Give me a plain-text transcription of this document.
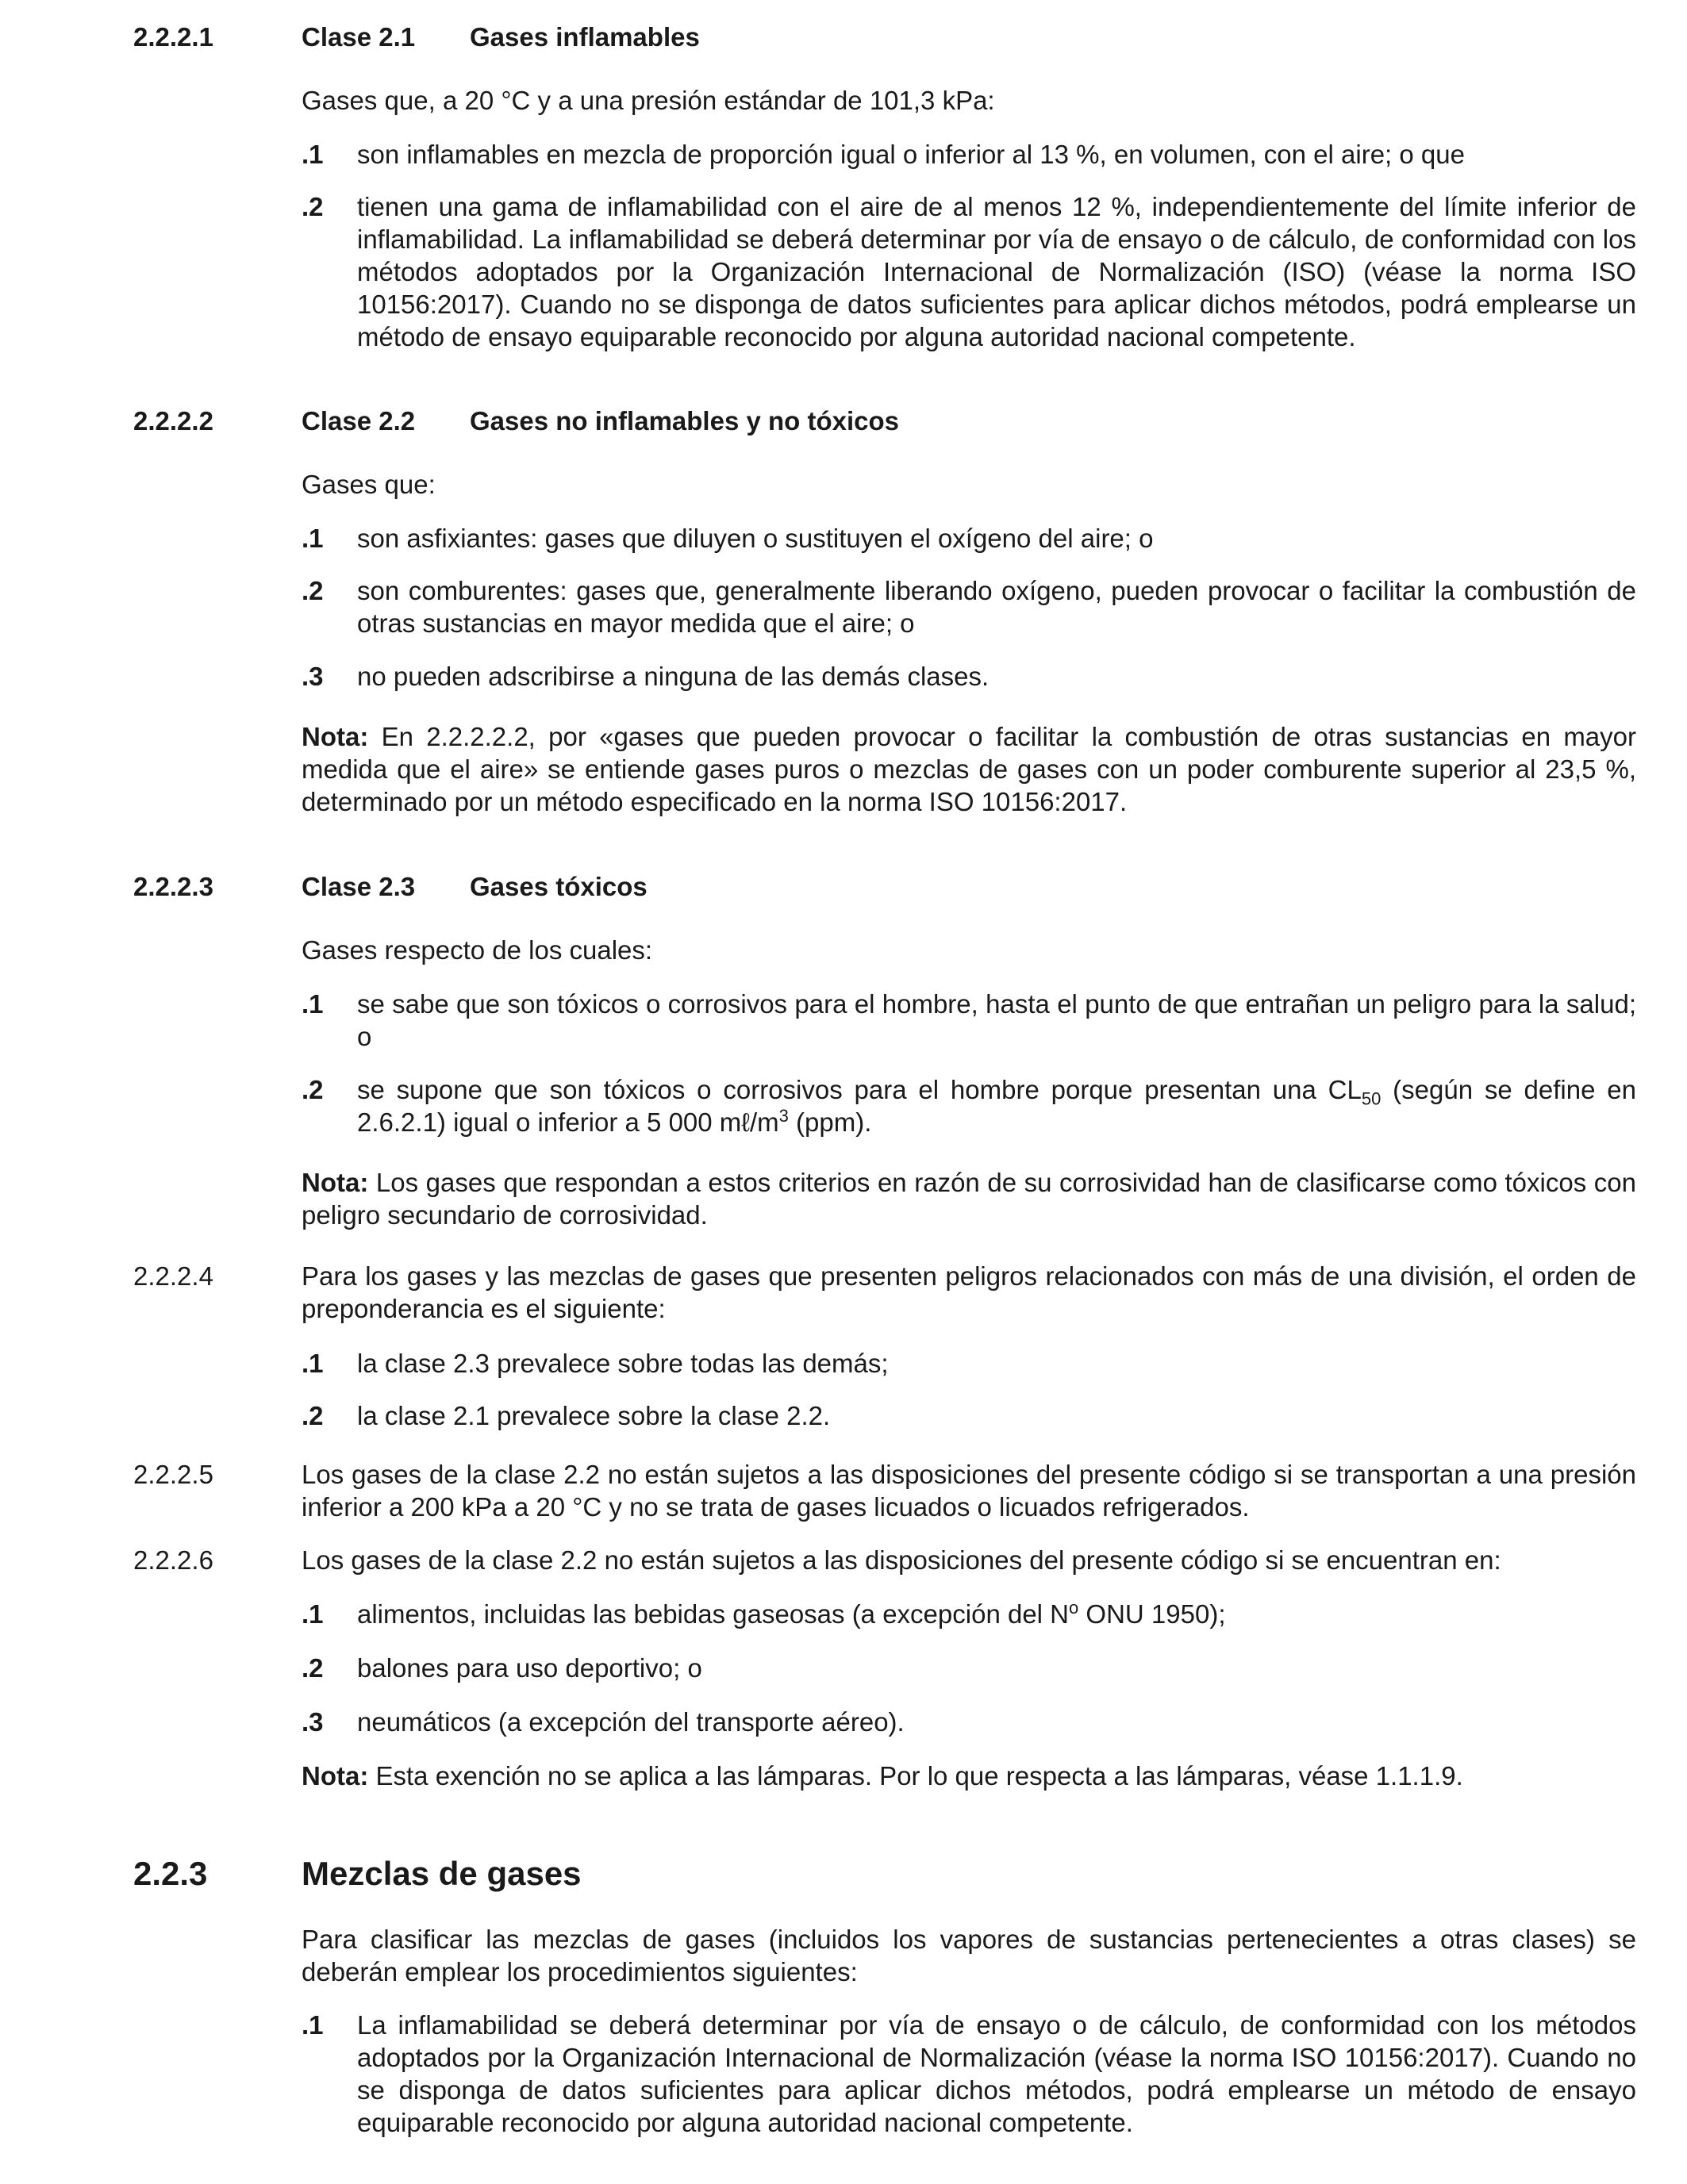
2.2.2.1	Clase 2.1 Gases inflamables
Gases que, a 20 °C y a una presión estándar de 101,3 kPa:
.1 son inflamables en mezcla de proporción igual o inferior al 13 %, en volumen, con el aire; o que
.2 tienen una gama de inflamabilidad con el aire de al menos 12 %, independientemente del límite inferior de inflamabilidad. La inflamabilidad se deberá determinar por vía de ensayo o de cálculo, de conformidad con los métodos adoptados por la Organización Internacional de Normalización (ISO) (véase la norma ISO 10156:2017). Cuando no se disponga de datos suficientes para aplicar dichos métodos, podrá emplearse un método de ensayo equiparable reconocido por alguna autoridad nacional competente.
2.2.2.2	Clase 2.2 Gases no inflamables y no tóxicos
Gases que:
.1 son asfixiantes: gases que diluyen o sustituyen el oxígeno del aire; o
.2 son comburentes: gases que, generalmente liberando oxígeno, pueden provocar o facilitar la combustión de otras sustancias en mayor medida que el aire; o
.3 no pueden adscribirse a ninguna de las demás clases.
Nota: En 2.2.2.2.2, por «gases que pueden provocar o facilitar la combustión de otras sustancias en mayor medida que el aire» se entiende gases puros o mezclas de gases con un poder comburente superior al 23,5 %, determinado por un método especificado en la norma ISO 10156:2017.
2.2.2.3	Clase 2.3 Gases tóxicos
Gases respecto de los cuales:
.1 se sabe que son tóxicos o corrosivos para el hombre, hasta el punto de que entrañan un peligro para la salud; o
.2 se supone que son tóxicos o corrosivos para el hombre porque presentan una $CL_{50}$ (según se define en 2.6.2.1) igual o inferior a 5 000 $m\ell/m^3$ (ppm).
Nota: Los gases que respondan a estos criterios en razón de su corrosividad han de clasificarse como tóxicos con peligro secundario de corrosividad.
2.2.2.4	Para los gases y las mezclas de gases que presenten peligros relacionados con más de una división, el orden de preponderancia es el siguiente:
.1 la clase 2.3 prevalece sobre todas las demás;
.2 la clase 2.1 prevalece sobre la clase 2.2.
2.2.2.5	Los gases de la clase 2.2 no están sujetos a las disposiciones del presente código si se transportan a una presión inferior a 200 kPa a 20 °C y no se trata de gases licuados o licuados refrigerados.
2.2.2.6	Los gases de la clase 2.2 no están sujetos a las disposiciones del presente código si se encuentran en:
.1 alimentos, incluidas las bebidas gaseosas (a excepción del $N^o$ ONU 1950);
.2 balones para uso deportivo; o
.3 neumáticos (a excepción del transporte aéreo).
Nota: Esta exención no se aplica a las lámparas. Por lo que respecta a las lámparas, véase 1.1.1.9.
2.2.3	Mezclas de gases
Para clasificar las mezclas de gases (incluidos los vapores de sustancias pertenecientes a otras clases) se deberán emplear los procedimientos siguientes:
.1 La inflamabilidad se deberá determinar por vía de ensayo o de cálculo, de conformidad con los métodos adoptados por la Organización Internacional de Normalización (véase la norma ISO 10156:2017). Cuando no se disponga de datos suficientes para aplicar dichos métodos, podrá emplearse un método de ensayo equiparable reconocido por alguna autoridad nacional competente.
